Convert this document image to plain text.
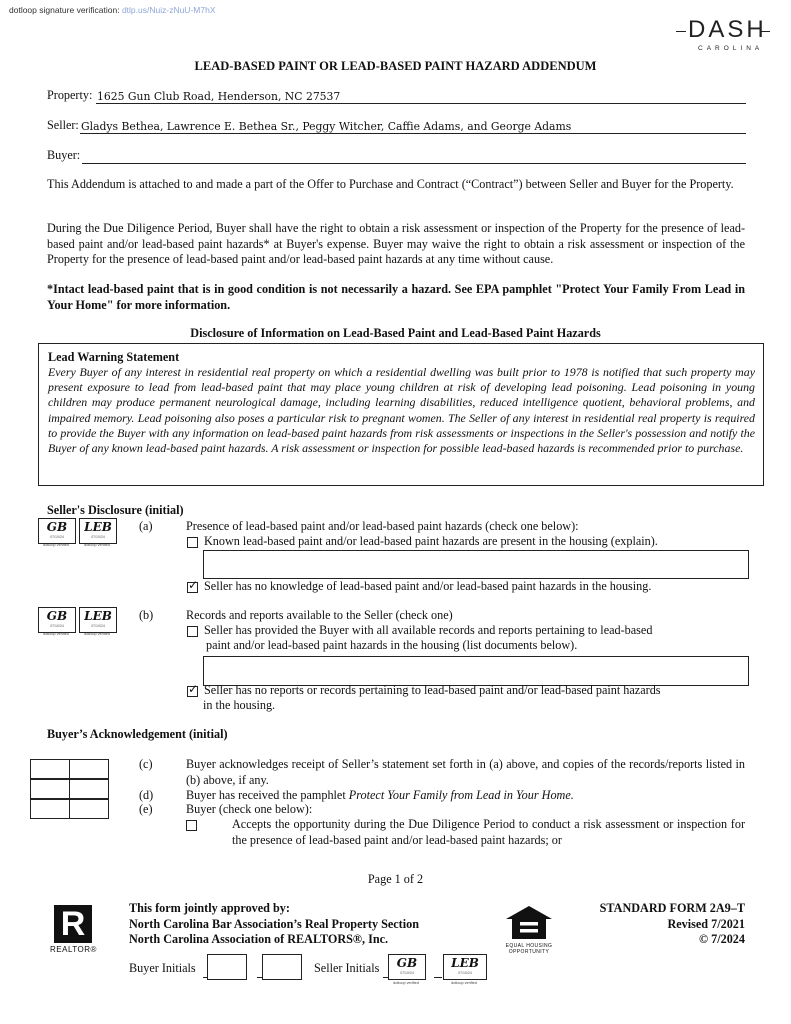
dotloop signature verification: dtlp.us/Nuiz-zNuU-M7hX
DASH
CAROLINA
LEAD-BASED PAINT OR LEAD-BASED PAINT HAZARD ADDENDUM
Property: 1625 Gun Club Road, Henderson, NC 27537
Seller: Gladys Bethea, Lawrence E. Bethea Sr., Peggy Witcher, Caffie Adams, and George Adams
Buyer:
This Addendum is attached to and made a part of the Offer to Purchase and Contract (“Contract”) between Seller and Buyer for the Property.
During the Due Diligence Period, Buyer shall have the right to obtain a risk assessment or inspection of the Property for the presence of lead-based paint and/or lead-based paint hazards* at Buyer's expense. Buyer may waive the right to obtain a risk assessment or inspection of the Property for the presence of lead-based paint and/or lead-based paint hazards at any time without cause.
*Intact lead-based paint that is in good condition is not necessarily a hazard. See EPA pamphlet "Protect Your Family From Lead in Your Home" for more information.
Disclosure of Information on Lead-Based Paint and Lead-Based Paint Hazards
Lead Warning Statement
Every Buyer of any interest in residential real property on which a residential dwelling was built prior to 1978 is notified that such property may present exposure to lead from lead-based paint that may place young children at risk of developing lead poisoning. Lead poisoning in young children may produce permanent neurological damage, including learning disabilities, reduced intelligence quotient, behavioral problems, and impaired memory. Lead poisoning also poses a particular risk to pregnant women. The Seller of any interest in residential real property is required to provide the Buyer with any information on lead-based paint hazards from risk assessments or inspections in the Seller's possession and notify the Buyer of any known lead-based paint hazards. A risk assessment or inspection for possible lead-based hazards is recommended prior to purchase.
Seller's Disclosure (initial)
GB
07/10/24
LEB
07/10/24
dotloop verified	dotloop verified
(a)	Presence of lead-based paint and/or lead-based paint hazards (check one below):
Known lead-based paint and/or lead-based paint hazards are present in the housing (explain).
✓ Seller has no knowledge of lead-based paint and/or lead-based paint hazards in the housing.
GB
07/10/24
LEB
07/10/24
dotloop verified	dotloop verified
(b)	Records and reports available to the Seller (check one)
Seller has provided the Buyer with all available records and reports pertaining to lead-based
paint and/or lead-based paint hazards in the housing (list documents below).
✓ Seller has no reports or records pertaining to lead-based paint and/or lead-based paint hazards
in the housing.
Buyer’s Acknowledgement (initial)
(c)	Buyer acknowledges receipt of Seller’s statement set forth in (a) above, and copies of the records/reports listed in (b) above, if any.
(d)	Buyer has received the pamphlet Protect Your Family from Lead in Your Home.
(e)	Buyer (check one below):
Accepts the opportunity during the Due Diligence Period to conduct a risk assessment or inspection for the presence of lead-based paint and/or lead-based paint hazards; or
Page 1 of 2
R
REALTOR®
This form jointly approved by:
North Carolina Bar Association’s Real Property Section
North Carolina Association of REALTORS®, Inc.	EQUAL HOUSING
OPPORTUNITY
STANDARD FORM 2A9–T
Revised 7/2021
© 7/2024
Buyer Initials	Seller Initials	GB
07/10/24
LEB
07/10/24
dotloop verified	dotloop verified
